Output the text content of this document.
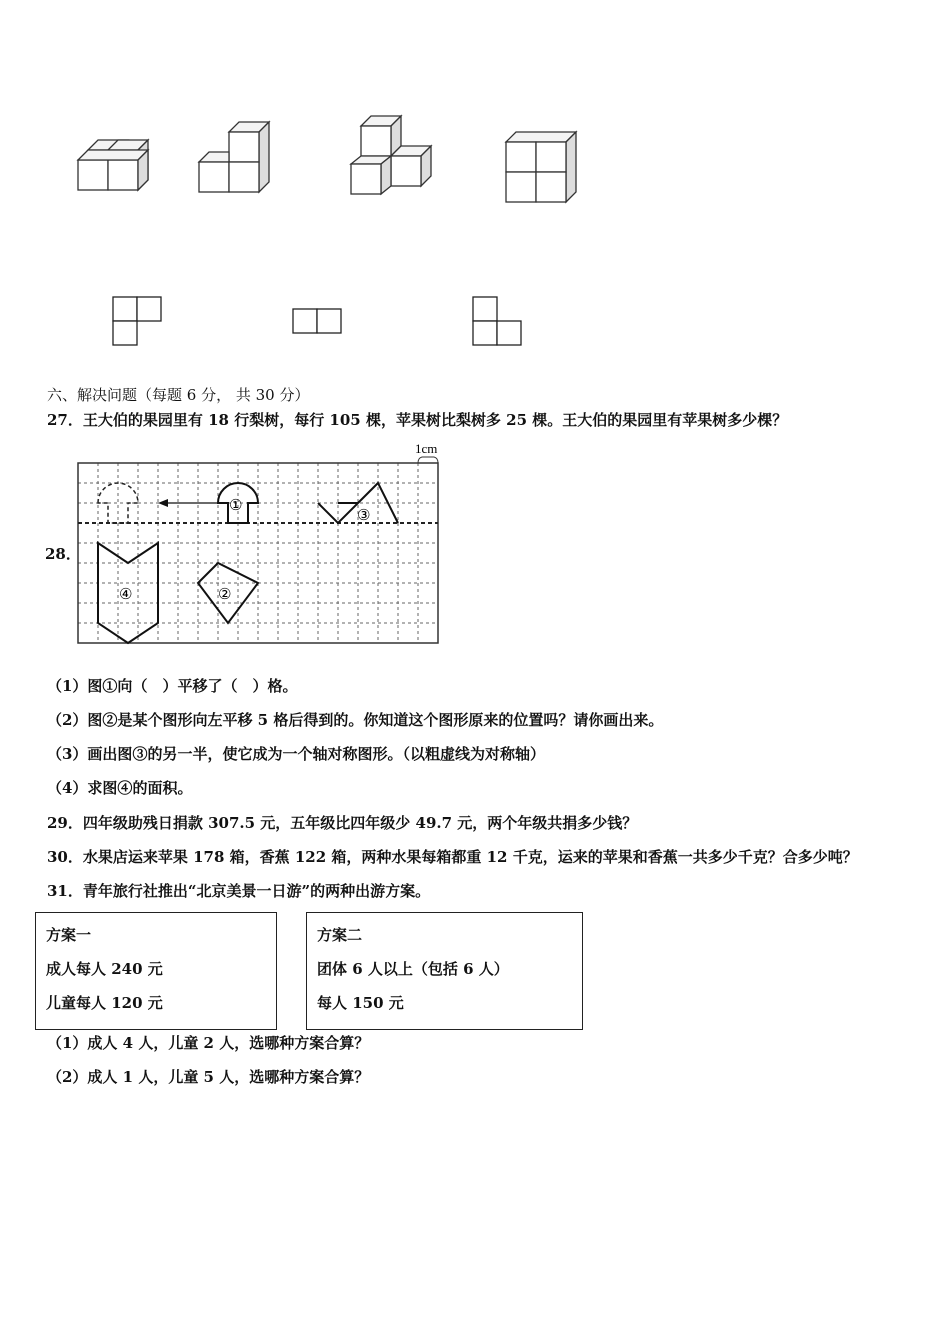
六、解决问题（每题 6 分， 共 30 分）
27．王大伯的果园里有 18 行梨树，每行 105 棵，苹果树比梨树多 25 棵。王大伯的果园里有苹果树多少棵？
28．
1cm
①
③
④	②
（1）图①向（　）平移了（　）格。
（2）图②是某个图形向左平移 5 格后得到的。你知道这个图形原来的位置吗？请你画出来。
（3）画出图③的另一半，使它成为一个轴对称图形。（以粗虚线为对称轴）
（4）求图④的面积。
29．四年级助残日捐款 307.5 元，五年级比四年级少 49.7 元，两个年级共捐多少钱？
30．水果店运来苹果 178 箱，香蕉 122 箱，两种水果每箱都重 12 千克，运来的苹果和香蕉一共多少千克？合多少吨？
31．青年旅行社推出“北京美景一日游”的两种出游方案。
方案一
成人每人 240 元
儿童每人 120 元
方案二
团体 6 人以上（包括 6 人）
每人 150 元
（1）成人 4 人，儿童 2 人，选哪种方案合算？
（2）成人 1 人，儿童 5 人，选哪种方案合算？
